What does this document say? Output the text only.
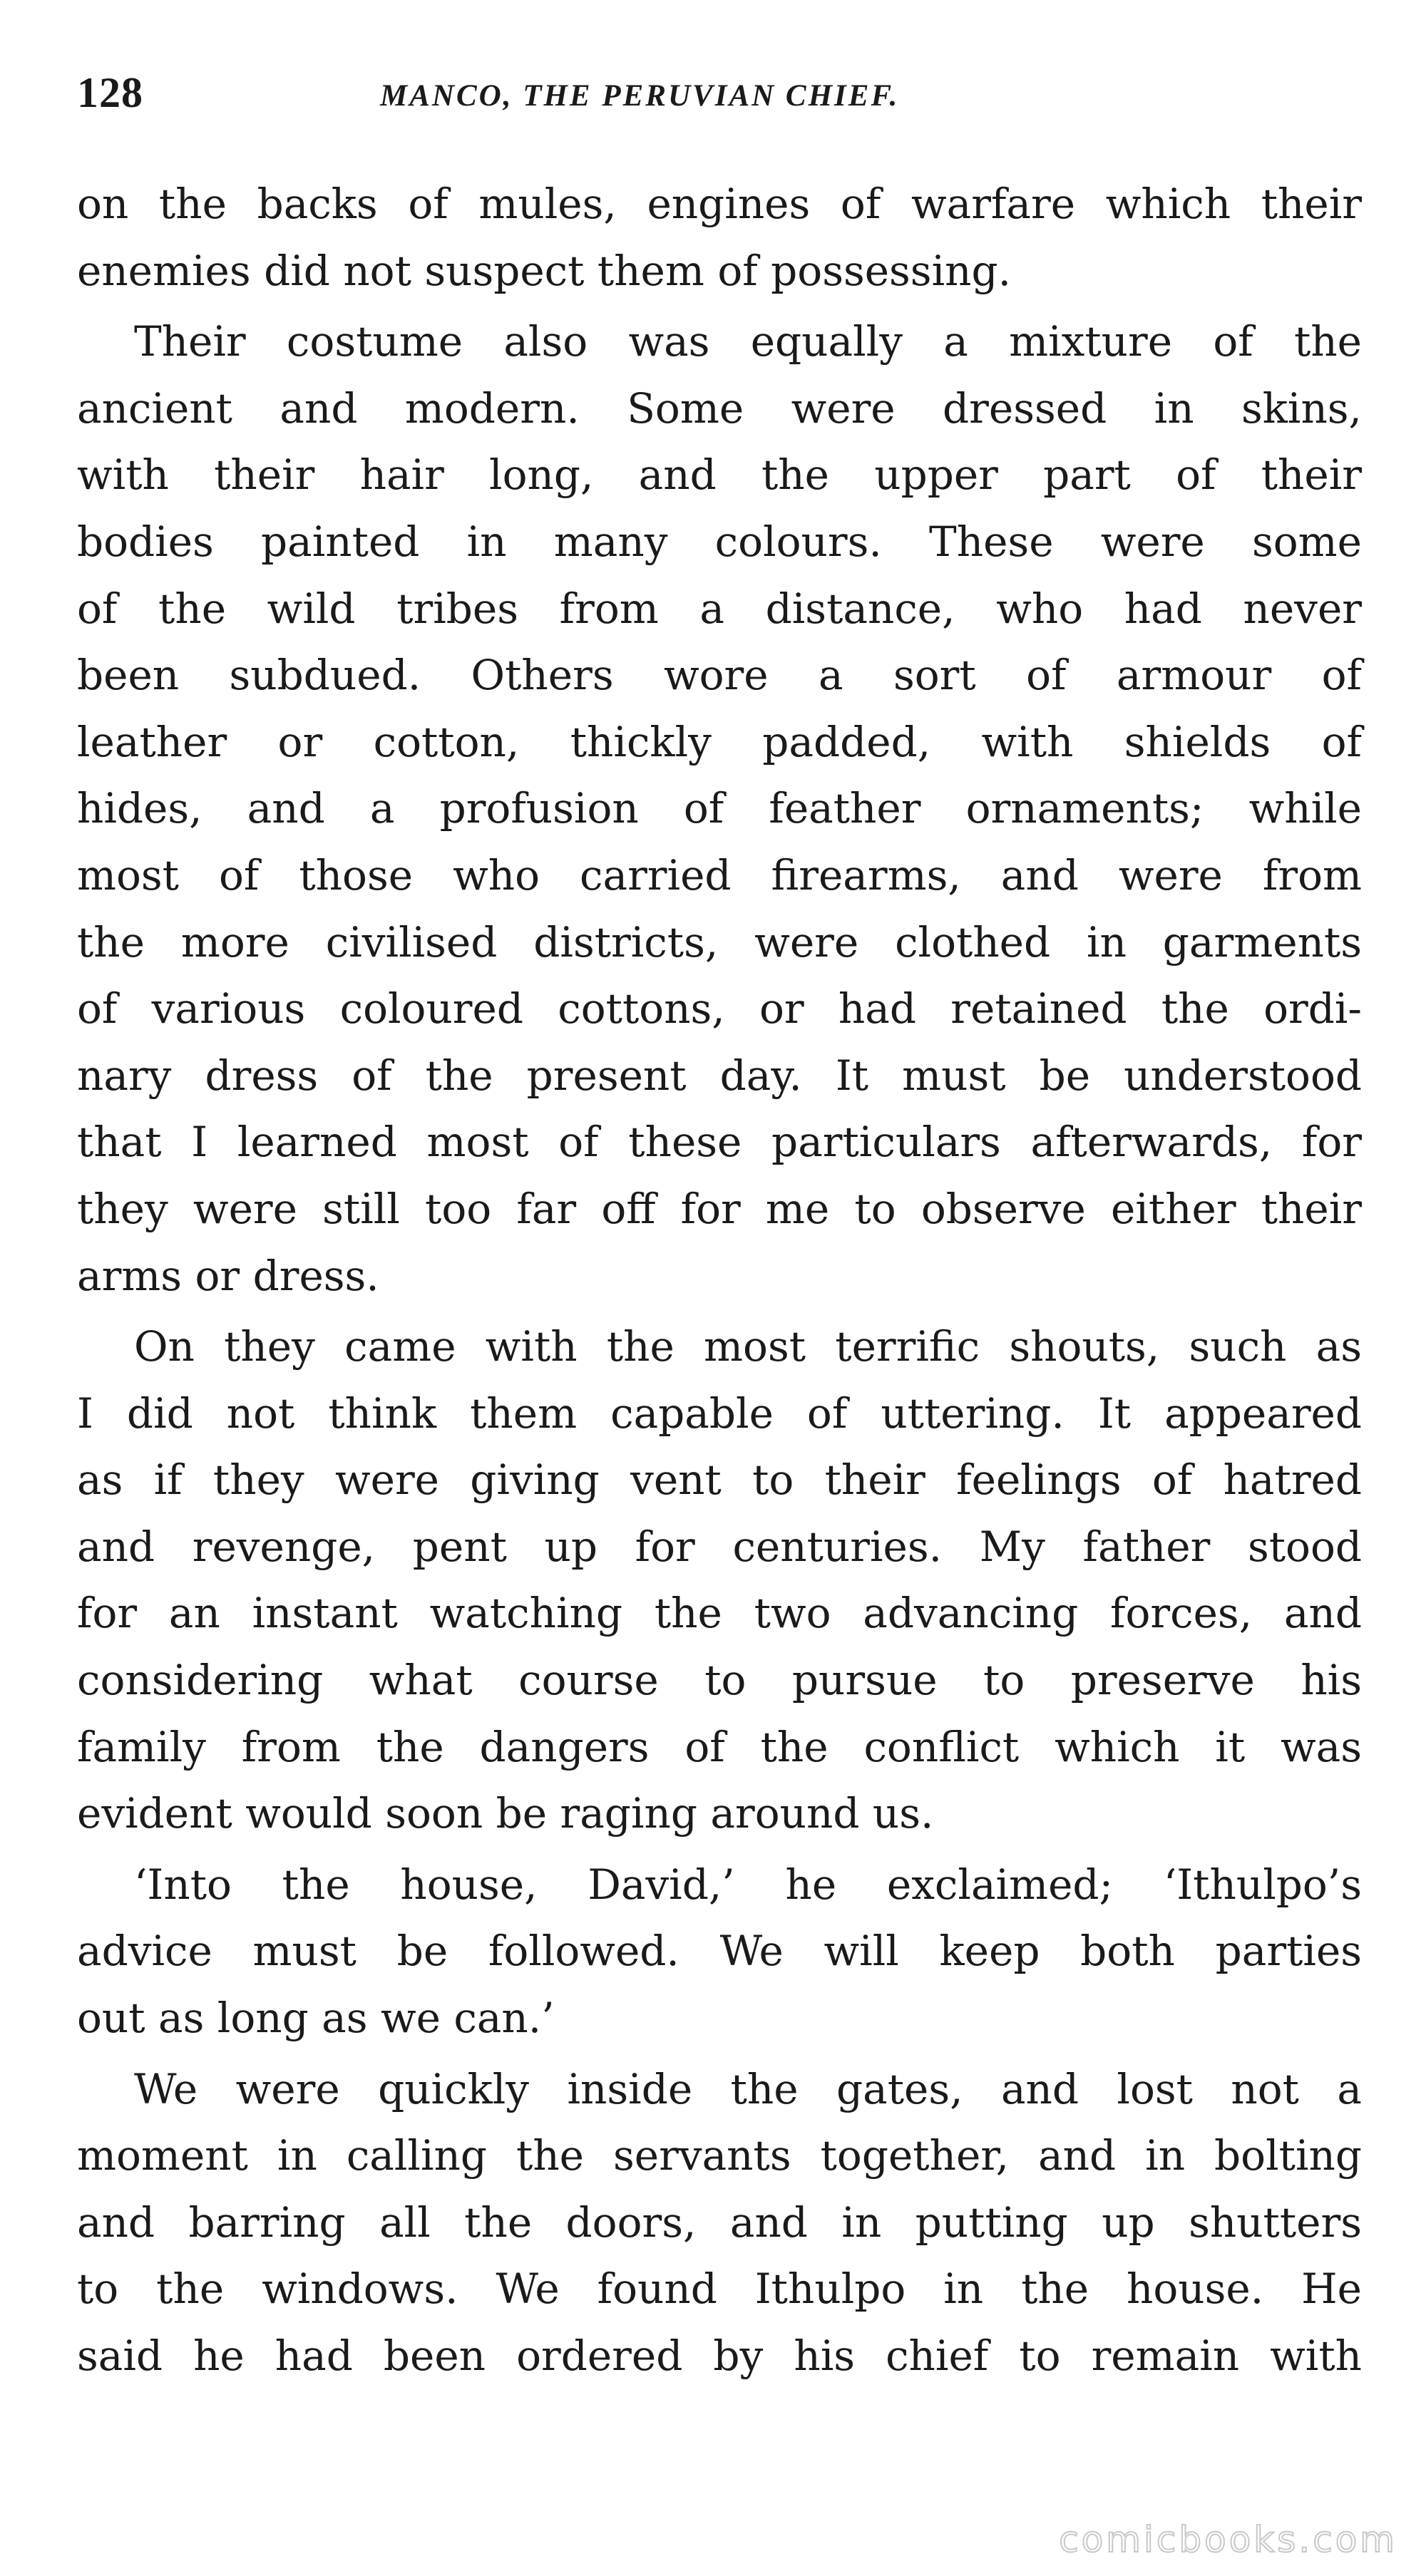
128	MANCO, THE PERUVIAN CHIEF.
on the backs of mules, engines of warfare which their
enemies did not suspect them of possessing.
Their costume also was equally a mixture of the
ancient and modern. Some were dressed in skins,
with their hair long, and the upper part of their
bodies painted in many colours. These were some
of the wild tribes from a distance, who had never
been subdued. Others wore a sort of armour of
leather or cotton, thickly padded, with shields of
hides, and a profusion of feather ornaments; while
most of those who carried firearms, and were from
the more civilised districts, were clothed in garments
of various coloured cottons, or had retained the ordi-
nary dress of the present day. It must be understood
that I learned most of these particulars afterwards, for
they were still too far off for me to observe either their
arms or dress.
On they came with the most terrific shouts, such as
I did not think them capable of uttering. It appeared
as if they were giving vent to their feelings of hatred
and revenge, pent up for centuries. My father stood
for an instant watching the two advancing forces, and
considering what course to pursue to preserve his
family from the dangers of the conflict which it was
evident would soon be raging around us.
‘Into the house, David,’ he exclaimed; ‘Ithulpo’s
advice must be followed. We will keep both parties
out as long as we can.’
We were quickly inside the gates, and lost not a
moment in calling the servants together, and in bolting
and barring all the doors, and in putting up shutters
to the windows. We found Ithulpo in the house. He
said he had been ordered by his chief to remain with
comicbooks.com
